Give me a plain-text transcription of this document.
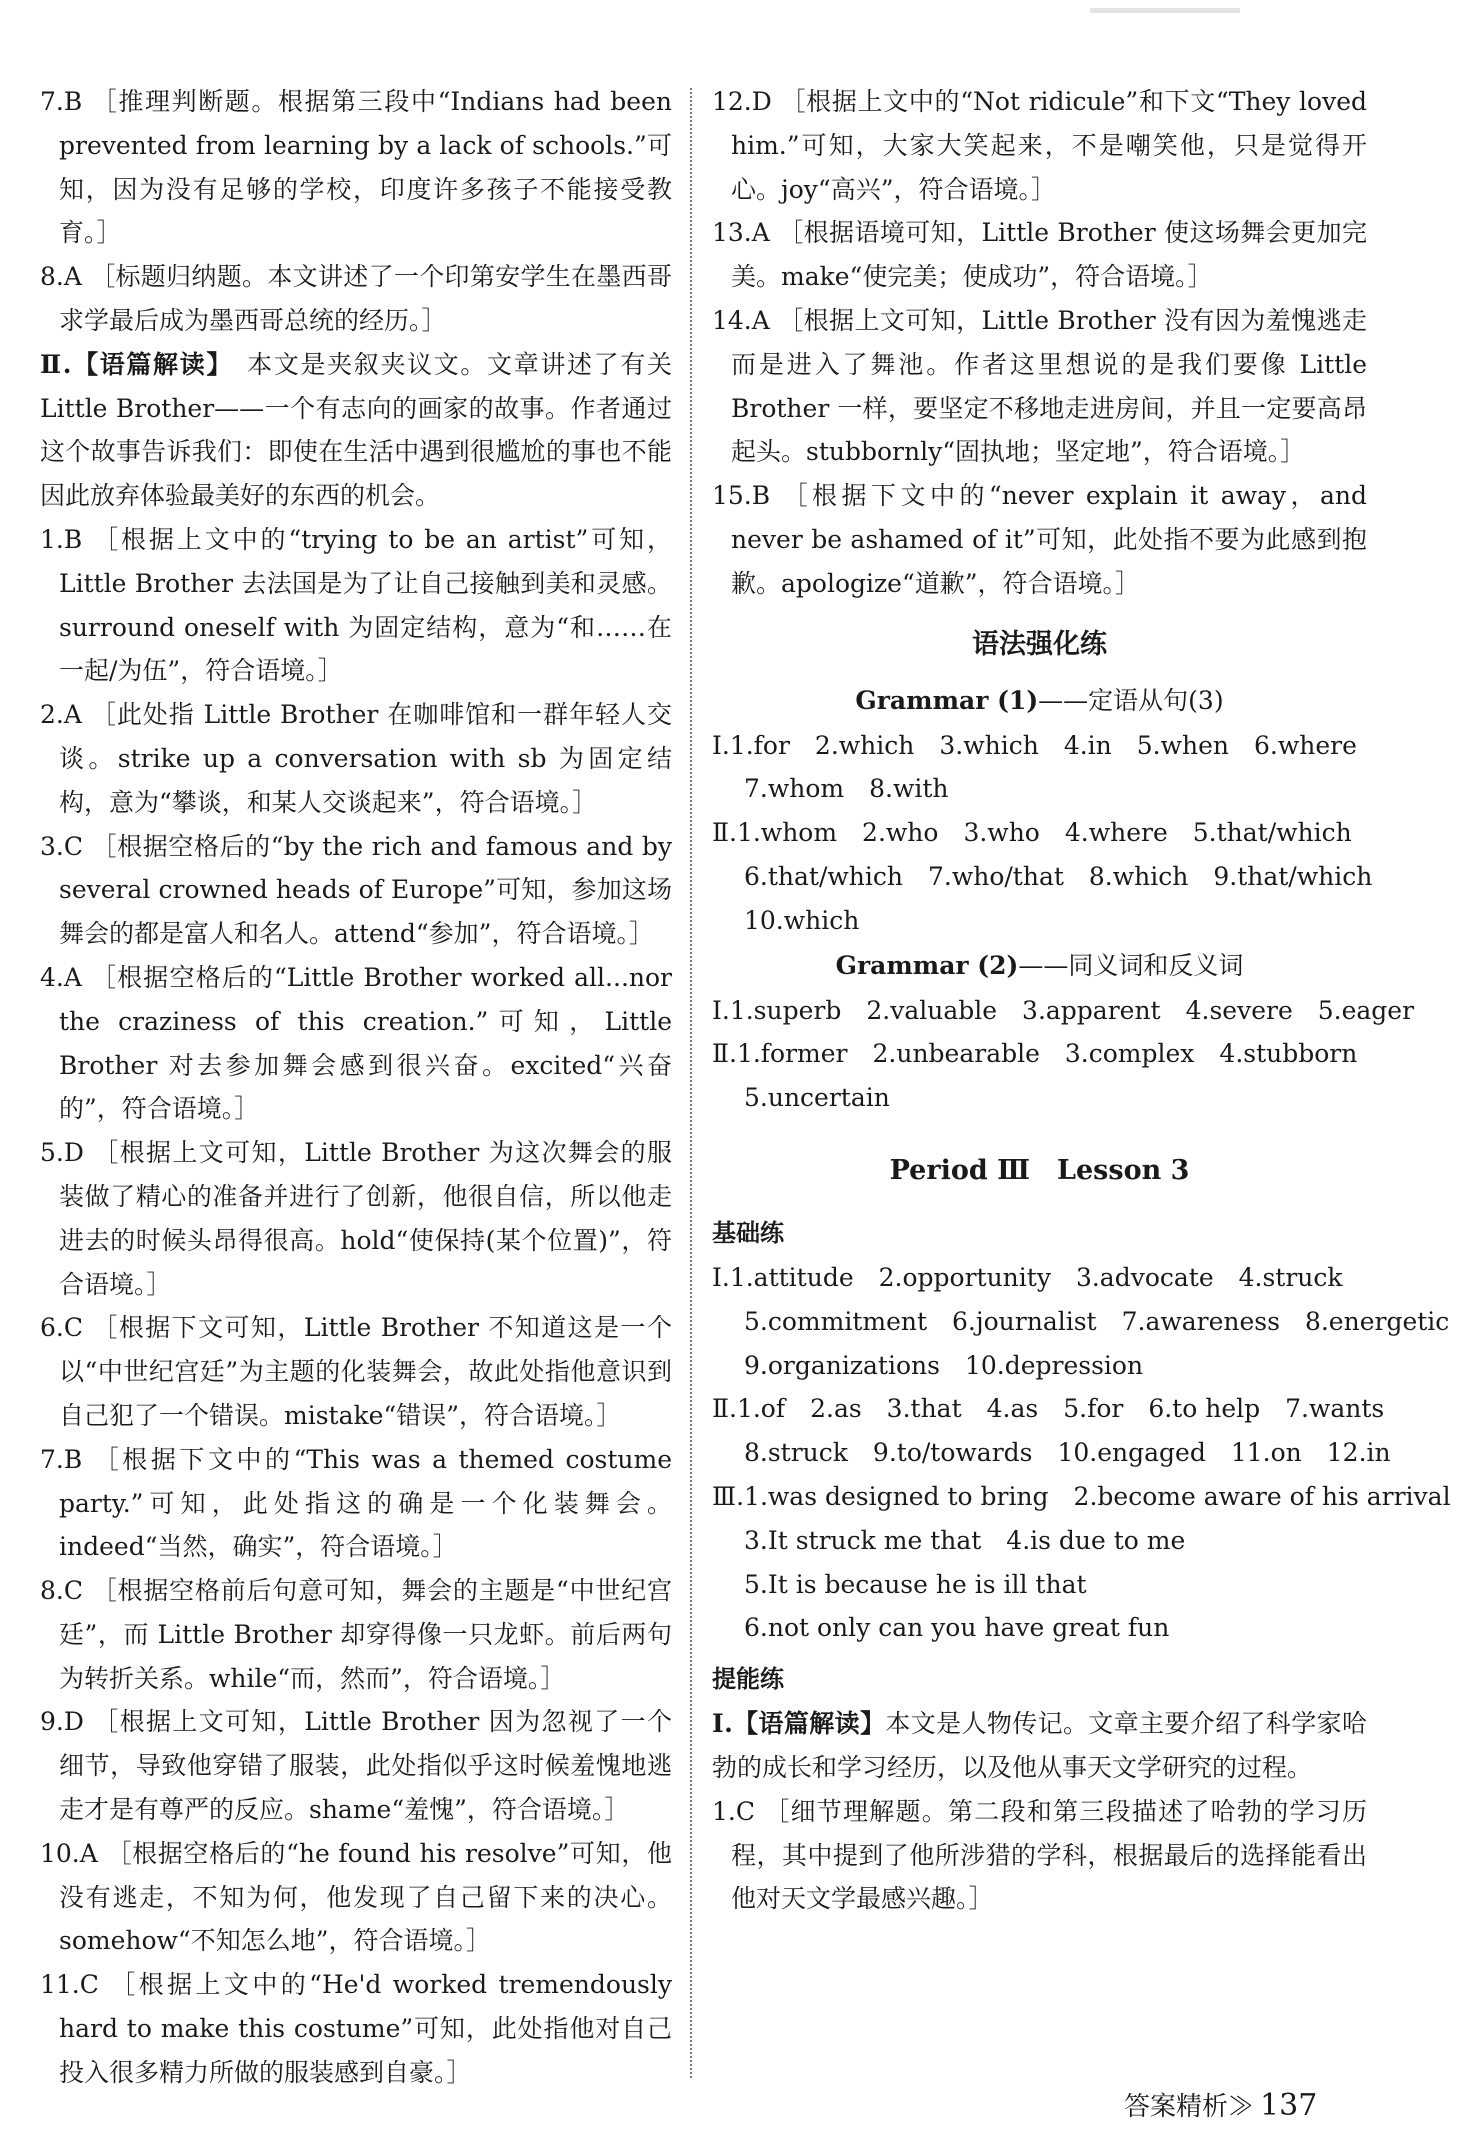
7.B ［推理判断题。根据第三段中“Indians had been prevented from learning by a lack of schools.”可知，因为没有足够的学校，印度许多孩子不能接受教育。］
8.A ［标题归纳题。本文讲述了一个印第安学生在墨西哥求学最后成为墨西哥总统的经历。］
Ⅱ.【语篇解读】　 本文是夹叙夹议文。文章讲述了有关 Little Brother——一个有志向的画家的故事。作者通过这个故事告诉我们：即使在生活中遇到很尴尬的事也不能因此放弃体验最美好的东西的机会。
1.B ［根据上文中的“trying to be an artist”可知，Little Brother 去法国是为了让自己接触到美和灵感。surround oneself with 为固定结构，意为“和……在一起/为伍”，符合语境。］
2.A ［此处指 Little Brother 在咖啡馆和一群年轻人交谈。strike up a conversation with sb 为固定结构，意为“攀谈，和某人交谈起来”，符合语境。］
3.C ［根据空格后的“by the rich and famous and by several crowned heads of Europe”可知，参加这场舞会的都是富人和名人。attend“参加”，符合语境。］
4.A ［根据空格后的“Little Brother worked all...nor the craziness of this creation.”可知，Little Brother 对去参加舞会感到很兴奋。excited“兴奋的”，符合语境。］
5.D ［根据上文可知，Little Brother 为这次舞会的服装做了精心的准备并进行了创新，他很自信，所以他走进去的时候头昂得很高。hold“使保持(某个位置)”，符合语境。］
6.C ［根据下文可知，Little Brother 不知道这是一个以“中世纪宫廷”为主题的化装舞会，故此处指他意识到自己犯了一个错误。mistake“错误”，符合语境。］
7.B ［根据下文中的“This was a themed costume party.”可知，此处指这的确是一个化装舞会。indeed“当然，确实”，符合语境。］
8.C ［根据空格前后句意可知，舞会的主题是“中世纪宫廷”，而 Little Brother 却穿得像一只龙虾。前后两句为转折关系。while“而，然而”，符合语境。］
9.D ［根据上文可知，Little Brother 因为忽视了一个细节，导致他穿错了服装，此处指似乎这时候羞愧地逃走才是有尊严的反应。shame“羞愧”，符合语境。］
10.A ［根据空格后的“he found his resolve”可知，他没有逃走，不知为何，他发现了自己留下来的决心。somehow“不知怎么地”，符合语境。］
11.C ［根据上文中的“He'd worked tremendously hard to make this costume”可知，此处指他对自己投入很多精力所做的服装感到自豪。］
12.D ［根据上文中的“Not ridicule”和下文“They loved him.”可知，大家大笑起来，不是嘲笑他，只是觉得开心。joy“高兴”，符合语境。］
13.A ［根据语境可知，Little Brother 使这场舞会更加完美。make“使完美；使成功”，符合语境。］
14.A ［根据上文可知，Little Brother 没有因为羞愧逃走而是进入了舞池。作者这里想说的是我们要像 Little Brother 一样，要坚定不移地走进房间，并且一定要高昂起头。stubbornly“固执地；坚定地”，符合语境。］
15.B ［根据下文中的“never explain it away，and never be ashamed of it”可知，此处指不要为此感到抱歉。apologize“道歉”，符合语境。］
语法强化练
Grammar (1)——定语从句(3)
Ⅰ.1.for　2.which　3.which　4.in　5.when　6.where
7.whom　8.with
Ⅱ.1.whom　2.who　3.who　4.where　5.that/which
6.that/which　7.who/that　8.which　9.that/which
10.which
Grammar (2)——同义词和反义词
Ⅰ.1.superb　2.valuable　3.apparent　4.severe　5.eager
Ⅱ.1.former　2.unbearable　3.complex　4.stubborn
5.uncertain
Period Ⅲ　Lesson 3
基础练
Ⅰ.1.attitude　2.opportunity　3.advocate　4.struck
5.commitment　6.journalist　7.awareness　8.energetic
9.organizations　10.depression
Ⅱ.1.of　2.as　3.that　4.as　5.for　6.to help　7.wants
8.struck　9.to/towards　10.engaged　11.on　12.in
Ⅲ.1.was designed to bring　2.become aware of his arrival
3.It struck me that　4.is due to me
5.It is because he is ill that
6.not only can you have great fun
提能练
Ⅰ.【语篇解读】本文是人物传记。文章主要介绍了科学家哈勃的成长和学习经历，以及他从事天文学研究的过程。
1.C ［细节理解题。第二段和第三段描述了哈勃的学习历程，其中提到了他所涉猎的学科，根据最后的选择能看出他对天文学最感兴趣。］
答案精析≫ 137
